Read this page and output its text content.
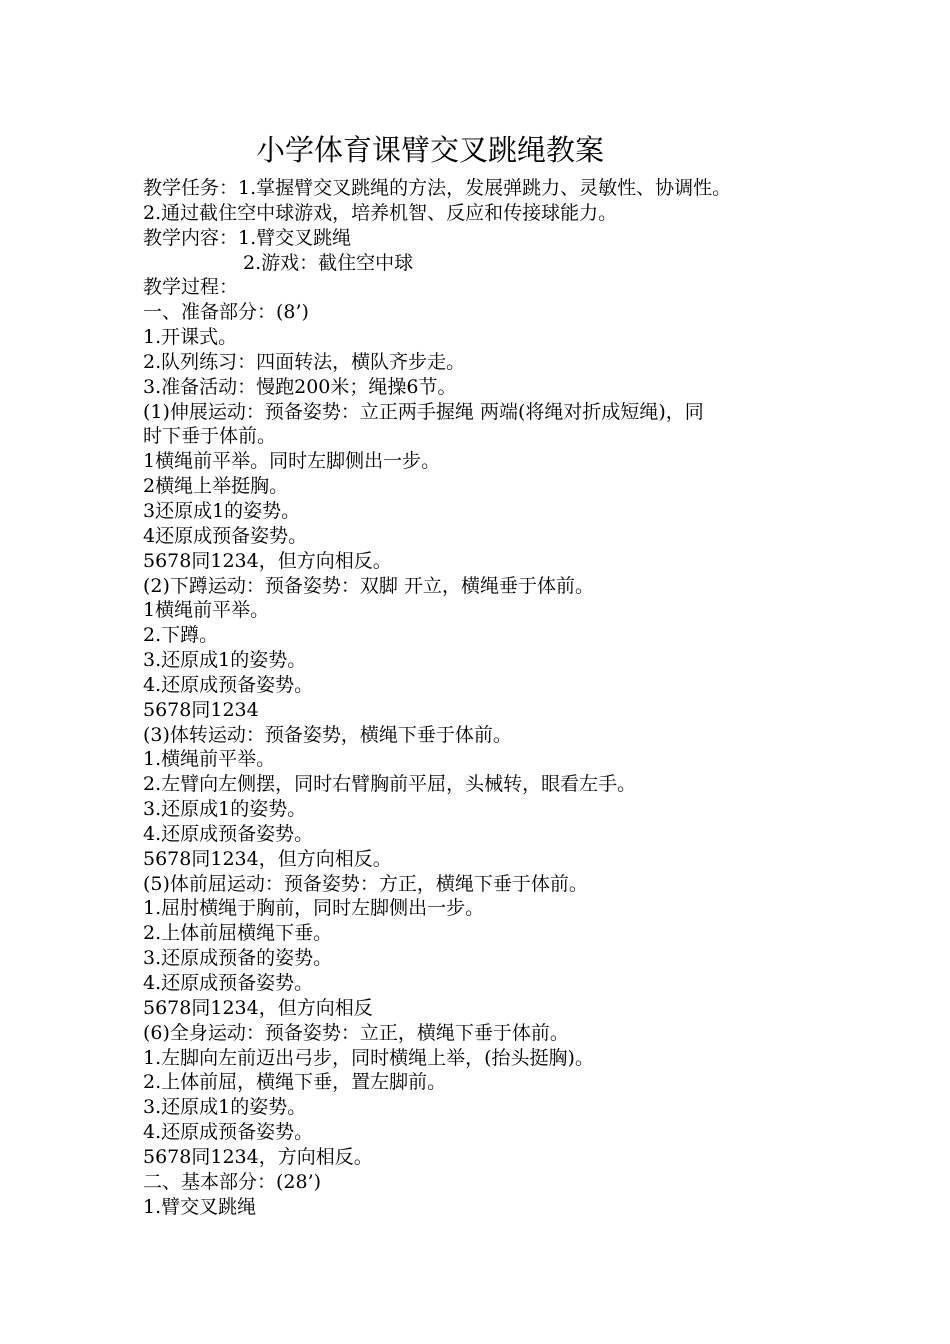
小学体育课臂交叉跳绳教案
教学任务：1.掌握臂交叉跳绳的方法，发展弹跳力、灵敏性、协调性。
2.通过截住空中球游戏，培养机智、反应和传接球能力。
教学内容：1.臂交叉跳绳
2.游戏：截住空中球
教学过程：
一、准备部分：(8’)
1.开课式。
2.队列练习：四面转法，横队齐步走。
3.准备活动：慢跑200米；绳操6节。
(1)伸展运动：预备姿势：立正两手握绳 两端(将绳对折成短绳)，同
时下垂于体前。
1横绳前平举。同时左脚侧出一步。
2横绳上举挺胸。
3还原成1的姿势。
4还原成预备姿势。
5678同1234，但方向相反。
(2)下蹲运动：预备姿势：双脚 开立，横绳垂于体前。
1横绳前平举。
2.下蹲。
3.还原成1的姿势。
4.还原成预备姿势。
5678同1234
(3)体转运动：预备姿势，横绳下垂于体前。
1.横绳前平举。
2.左臂向左侧摆，同时右臂胸前平屈，头械转，眼看左手。
3.还原成1的姿势。
4.还原成预备姿势。
5678同1234，但方向相反。
(5)体前屈运动：预备姿势：方正，横绳下垂于体前。
1.屈肘横绳于胸前，同时左脚侧出一步。
2.上体前屈横绳下垂。
3.还原成预备的姿势。
4.还原成预备姿势。
5678同1234，但方向相反
(6)全身运动：预备姿势：立正，横绳下垂于体前。
1.左脚向左前迈出弓步，同时横绳上举，(抬头挺胸)。
2.上体前屈，横绳下垂，置左脚前。
3.还原成1的姿势。
4.还原成预备姿势。
5678同1234，方向相反。
二、基本部分：(28’)
1.臂交叉跳绳
